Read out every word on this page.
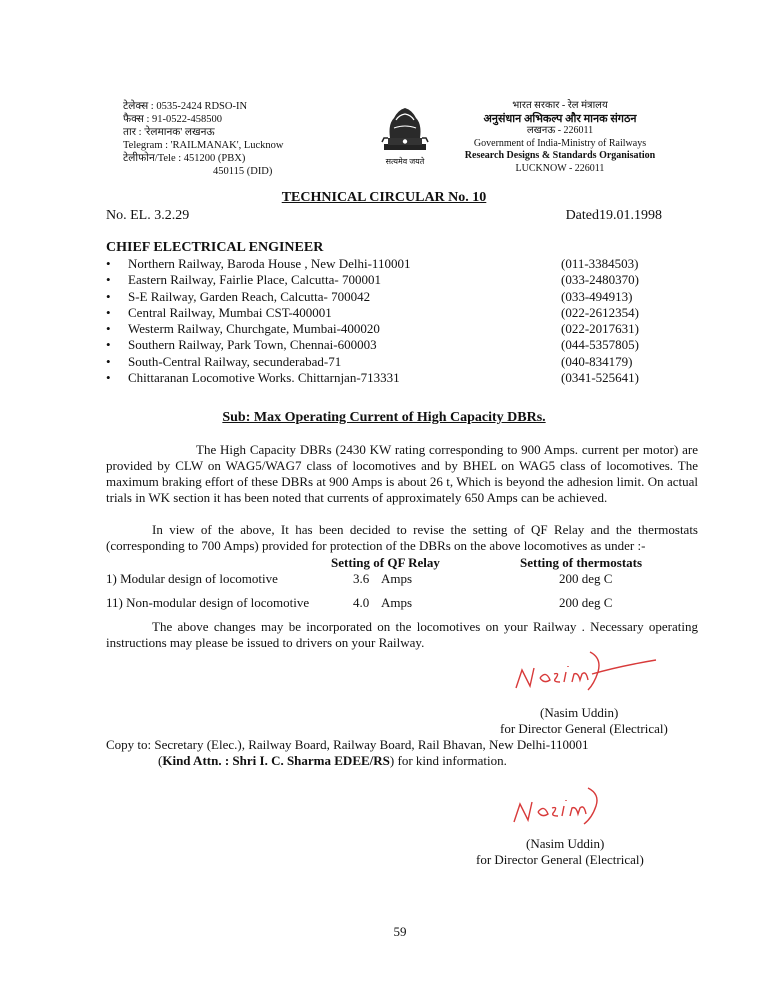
टेलेक्स : 0535-2424 RDSO-IN
फैक्स : 91-0522-458500
तार : 'रेलमानक' लखनऊ
Telegram : 'RAILMANAK', Lucknow
टेलीफोन/Tele : 451200 (PBX)
450115 (DID)
सत्यमेव जयते
भारत सरकार - रेल मंत्रालय
अनुसंधान अभिकल्प और मानक संगठन
लखनऊ - 226011
Government of India-Ministry of Railways
Research Designs & Standards Organisation
LUCKNOW - 226011
TECHNICAL CIRCULAR No. 10
No. EL. 3.2.29	Dated19.01.1998
CHIEF ELECTRICAL ENGINEER
•	Northern Railway, Baroda House , New Delhi-110001	(011-3384503)
•	Eastern Railway, Fairlie Place, Calcutta- 700001	(033-2480370)
•	S-E Railway, Garden Reach, Calcutta- 700042	(033-494913)
•	Central Railway, Mumbai CST-400001	(022-2612354)
•	Westerm Railway, Churchgate, Mumbai-400020	(022-2017631)
•	Southern Railway, Park Town, Chennai-600003	(044-5357805)
•	South-Central Railway, secunderabad-71	(040-834179)
•	Chittaranan Locomotive Works. Chittarnjan-713331	(0341-525641)
Sub: Max Operating Current of High Capacity DBRs.
The High Capacity DBRs (2430 KW rating corresponding to 900 Amps. current per motor) are provided by CLW on WAG5/WAG7 class of locomotives and by BHEL on WAG5 class of locomotives. The maximum braking effort of these DBRs at 900 Amps is about 26 t, Which is beyond the adhesion limit. On actual trials in WK section it has been noted that currents of approximately 650 Amps can be achieved.
In view of the above, It has been decided to revise the setting of QF Relay and the thermostats (corresponding to 700 Amps) provided for protection of the DBRs on the above locomotives as under :-
Setting of QF Relay	Setting of thermostats
1) Modular design of locomotive	3.6 Amps	200 deg C
11) Non-modular design of locomotive	4.0 Amps	200 deg C
The above changes may be incorporated on the locomotives on your Railway . Necessary operating instructions may please be issued to drivers on your Railway.
(Nasim Uddin)
for Director General (Electrical)
Copy to: Secretary (Elec.), Railway Board, Railway Board, Rail Bhavan, New Delhi-110001
(Kind Attn. : Shri I. C. Sharma EDEE/RS) for kind information.
(Nasim Uddin)
for Director General (Electrical)
59
